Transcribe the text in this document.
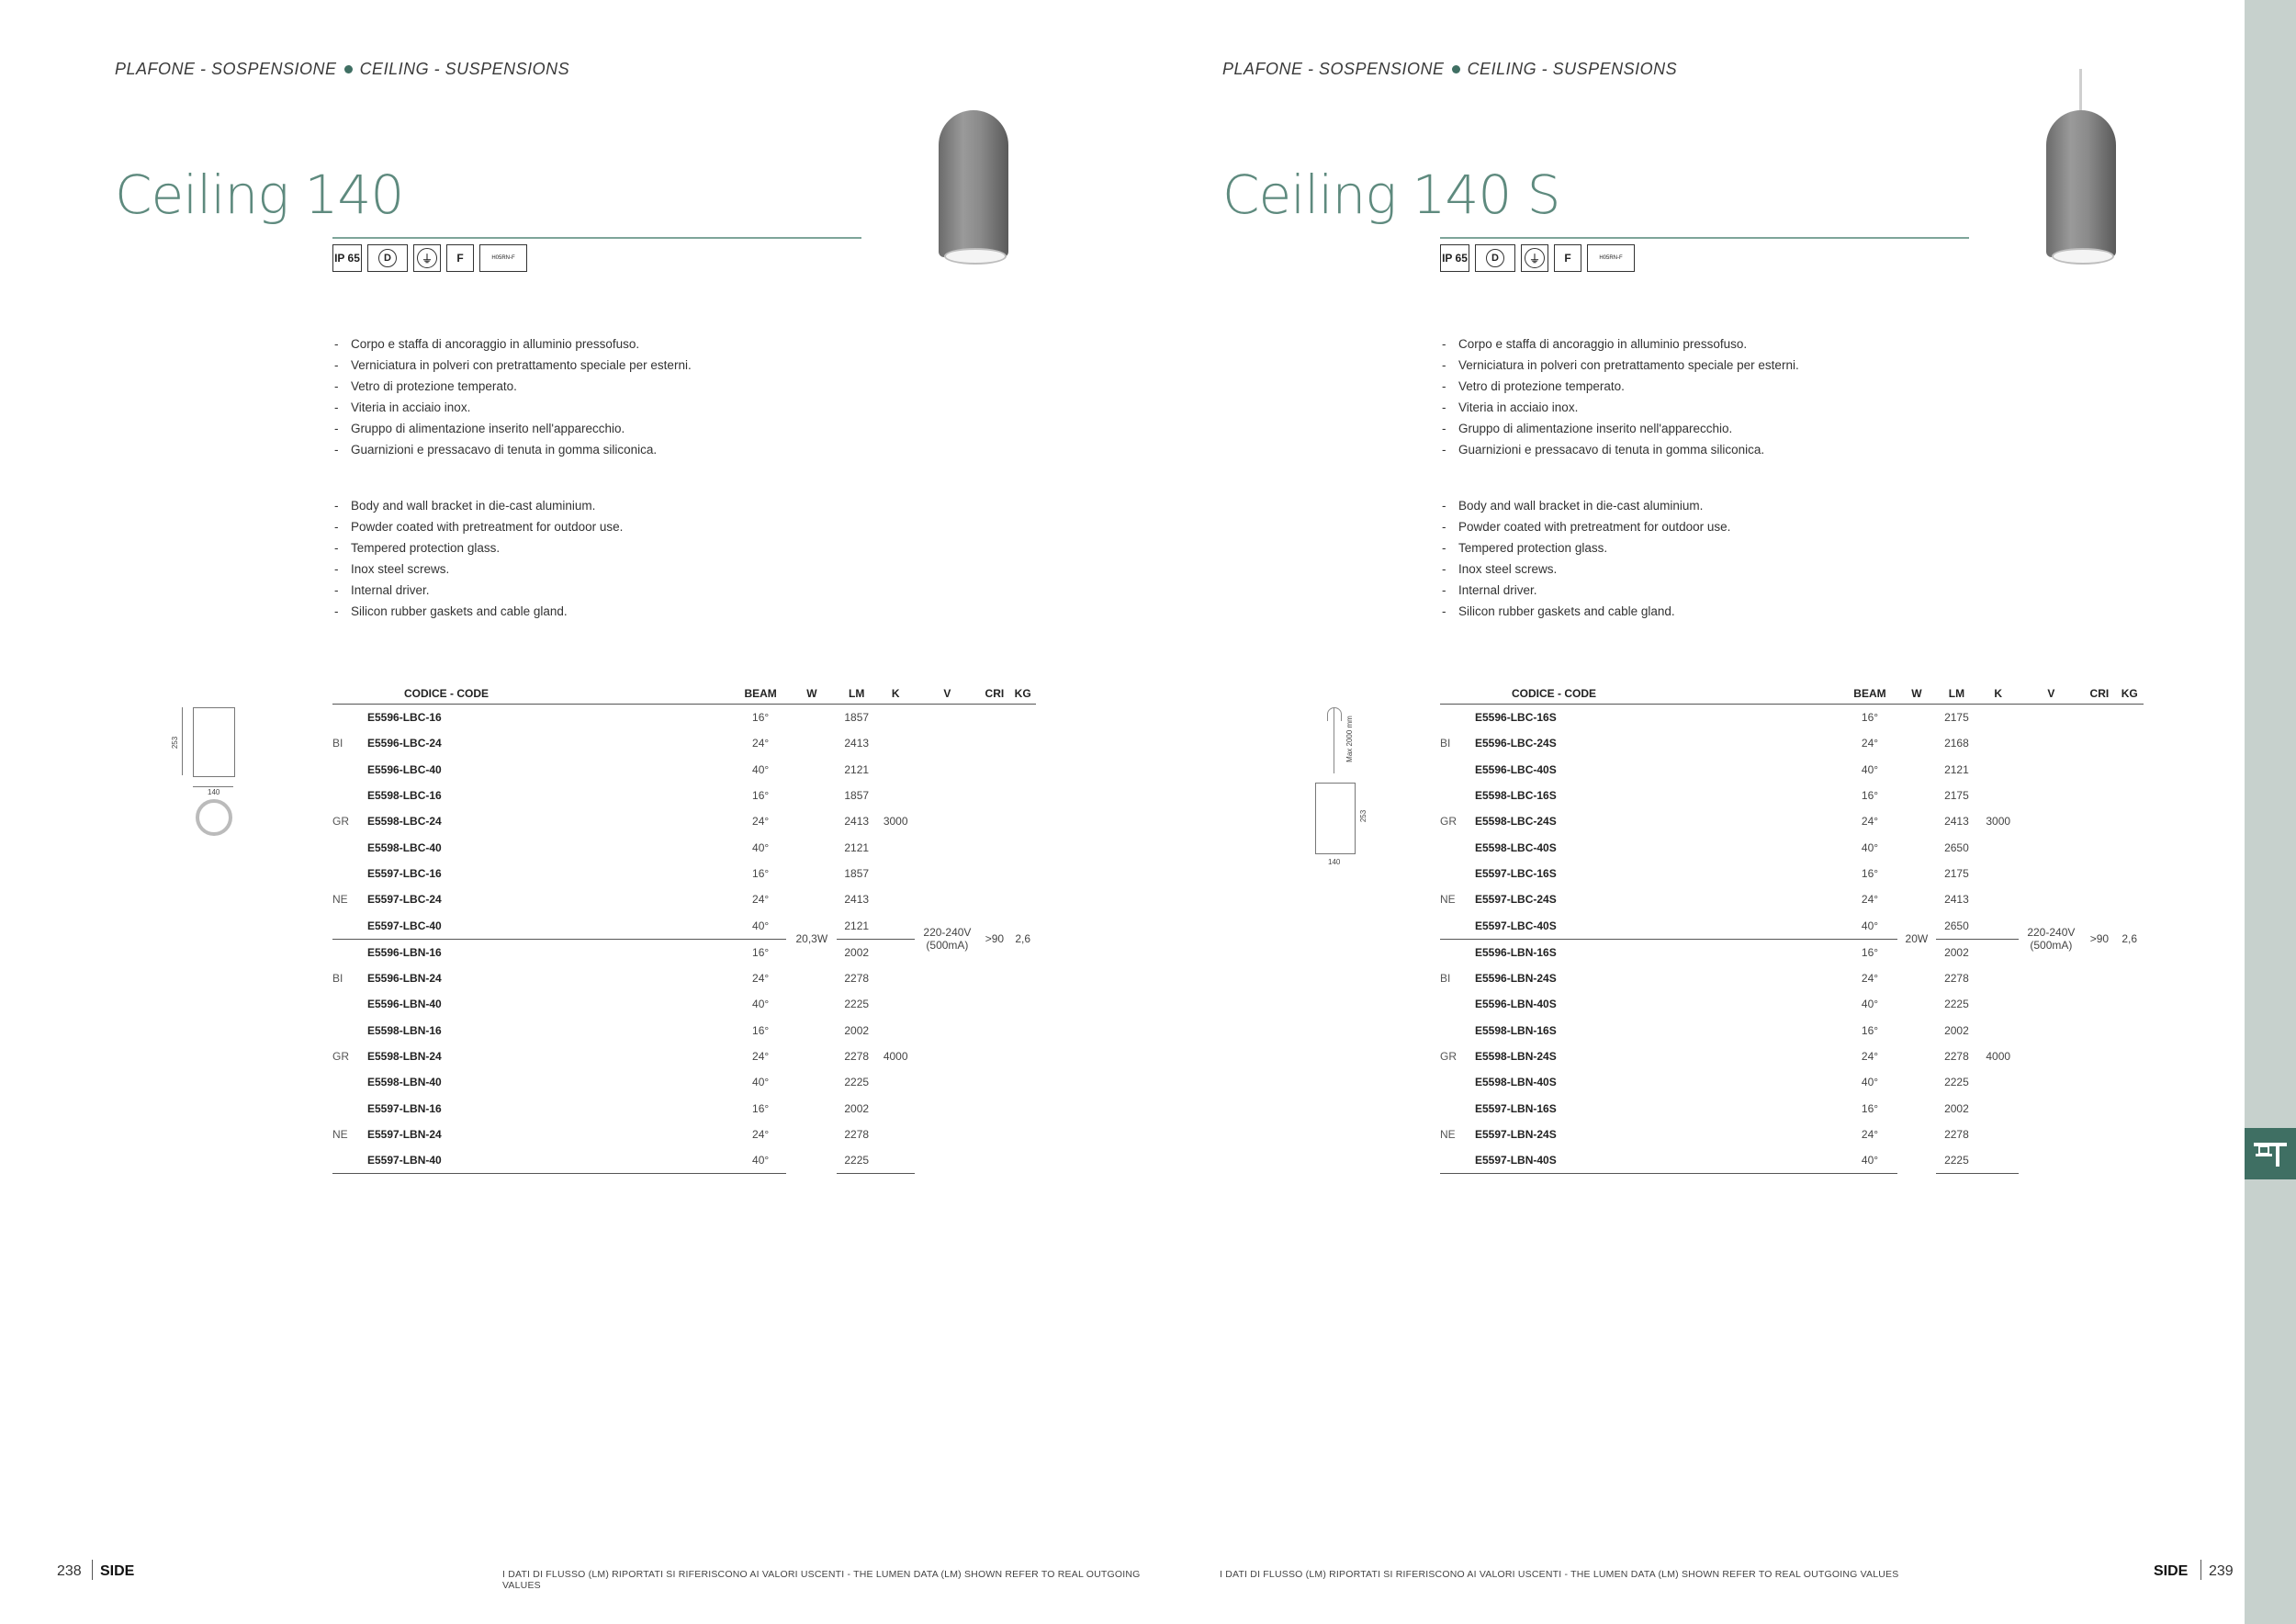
PLAFONE - SOSPENSIONE CEILING - SUSPENSIONS
Ceiling 140
IP 65	D	⏚	F	H05RN-F
- Corpo e staffa di ancoraggio in alluminio pressofuso.
- Verniciatura in polveri con pretrattamento speciale per esterni.
- Vetro di protezione temperato.
- Viteria in acciaio inox.
- Gruppo di alimentazione inserito nell'apparecchio.
- Guarnizioni e pressacavo di tenuta in gomma siliconica.
- Body and wall bracket in die-cast aluminium.
- Powder coated with pretreatment for outdoor use.
- Tempered protection glass.
- Inox steel screws.
- Internal driver.
- Silicon rubber gaskets and cable gland.
253
140
	CODICE - CODE	BEAM	W	LM	K	V	CRI	KG
	E5596-LBC-16	16°	20,3W	1857		220-240V (500mA)	>90	2,6
BI	E5596-LBC-24	24°		2413				
	E5596-LBC-40	40°		2121				
	E5598-LBC-16	16°		1857				
GR	E5598-LBC-24	24°		2413	3000			
	E5598-LBC-40	40°		2121				
	E5597-LBC-16	16°		1857				
NE	E5597-LBC-24	24°		2413				
	E5597-LBC-40	40°		2121				
	E5596-LBN-16	16°		2002				
BI	E5596-LBN-24	24°		2278				
	E5596-LBN-40	40°		2225				
	E5598-LBN-16	16°		2002				
GR	E5598-LBN-24	24°		2278	4000			
	E5598-LBN-40	40°		2225				
	E5597-LBN-16	16°		2002				
NE	E5597-LBN-24	24°		2278				
	E5597-LBN-40	40°		2225				
238 SIDE	I DATI DI FLUSSO (LM) RIPORTATI SI RIFERISCONO AI VALORI USCENTI - THE LUMEN DATA (LM) SHOWN REFER TO REAL OUTGOING VALUES
PLAFONE - SOSPENSIONE CEILING - SUSPENSIONS
Ceiling 140 S
IP 65	D	⏚	F	H05RN-F
- Corpo e staffa di ancoraggio in alluminio pressofuso.
- Verniciatura in polveri con pretrattamento speciale per esterni.
- Vetro di protezione temperato.
- Viteria in acciaio inox.
- Gruppo di alimentazione inserito nell'apparecchio.
- Guarnizioni e pressacavo di tenuta in gomma siliconica.
- Body and wall bracket in die-cast aluminium.
- Powder coated with pretreatment for outdoor use.
- Tempered protection glass.
- Inox steel screws.
- Internal driver.
- Silicon rubber gaskets and cable gland.
Max 2000 mm
253
140
	CODICE - CODE	BEAM	W	LM	K	V	CRI	KG
	E5596-LBC-16S	16°	20W	2175		220-240V (500mA)	>90	2,6
BI	E5596-LBC-24S	24°		2168				
	E5596-LBC-40S	40°		2121				
	E5598-LBC-16S	16°		2175				
GR	E5598-LBC-24S	24°		2413	3000			
	E5598-LBC-40S	40°		2650				
	E5597-LBC-16S	16°		2175				
NE	E5597-LBC-24S	24°		2413				
	E5597-LBC-40S	40°		2650				
	E5596-LBN-16S	16°		2002				
BI	E5596-LBN-24S	24°		2278				
	E5596-LBN-40S	40°		2225				
	E5598-LBN-16S	16°		2002				
GR	E5598-LBN-24S	24°		2278	4000			
	E5598-LBN-40S	40°		2225				
	E5597-LBN-16S	16°		2002				
NE	E5597-LBN-24S	24°		2278				
	E5597-LBN-40S	40°		2225				
I DATI DI FLUSSO (LM) RIPORTATI SI RIFERISCONO AI VALORI USCENTI - THE LUMEN DATA (LM) SHOWN REFER TO REAL OUTGOING VALUES	SIDE 239
